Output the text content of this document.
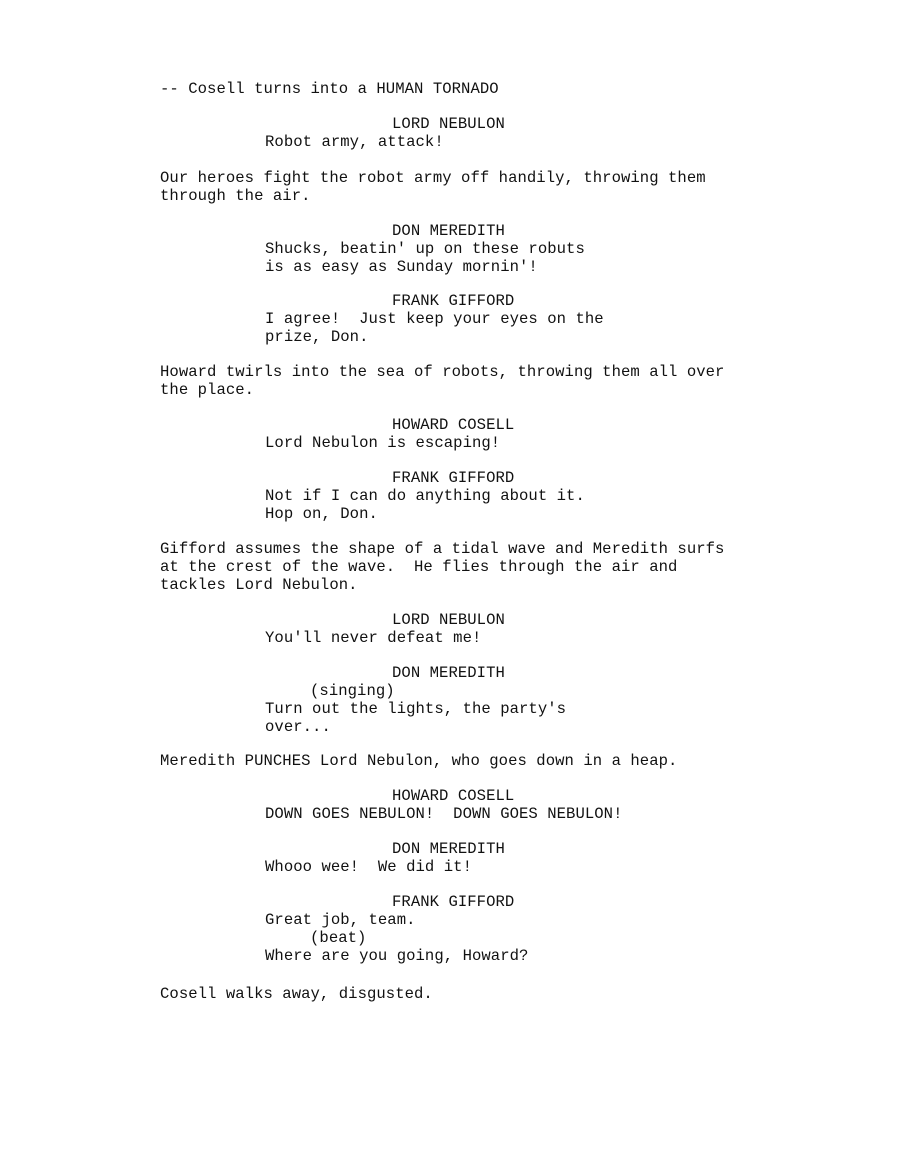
-- Cosell turns into a HUMAN TORNADO
LORD NEBULON
Robot army, attack!
Our heroes fight the robot army off handily, throwing them
through the air.
DON MEREDITH
Shucks, beatin' up on these robuts
is as easy as Sunday mornin'!
FRANK GIFFORD
I agree!  Just keep your eyes on the
prize, Don.
Howard twirls into the sea of robots, throwing them all over
the place.
HOWARD COSELL
Lord Nebulon is escaping!
FRANK GIFFORD
Not if I can do anything about it.
Hop on, Don.
Gifford assumes the shape of a tidal wave and Meredith surfs
at the crest of the wave.  He flies through the air and
tackles Lord Nebulon.
LORD NEBULON
You'll never defeat me!
DON MEREDITH
(singing)
Turn out the lights, the party's
over...
Meredith PUNCHES Lord Nebulon, who goes down in a heap.
HOWARD COSELL
DOWN GOES NEBULON!  DOWN GOES NEBULON!
DON MEREDITH
Whooo wee!  We did it!
FRANK GIFFORD
Great job, team.
(beat)
Where are you going, Howard?
Cosell walks away, disgusted.
